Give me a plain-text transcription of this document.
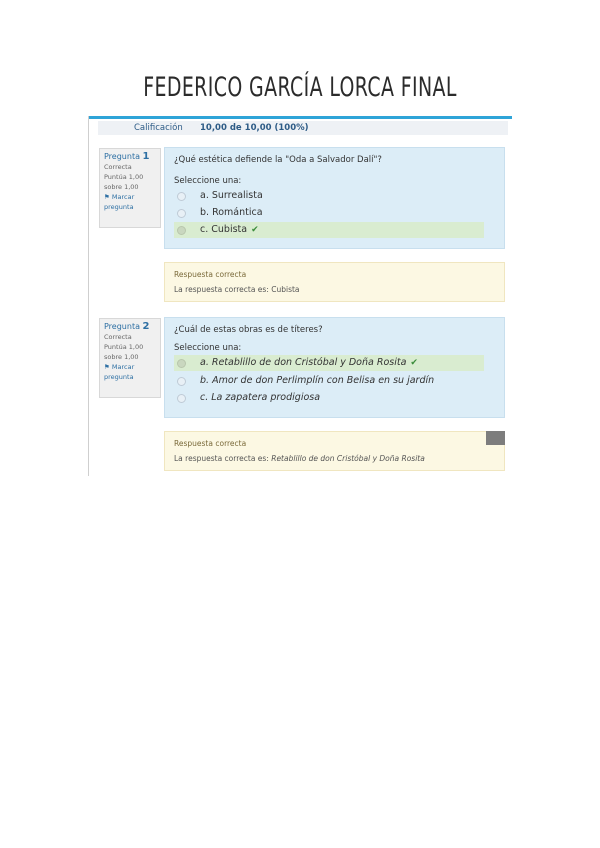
FEDERICO GARCÍA LORCA FINAL
Calificación 10,00 de 10,00 (100%)
Pregunta 1
Correcta
Puntúa 1,00
sobre 1,00
⚑ Marcar
pregunta
¿Qué estética defiende la "Oda a Salvador Dalí"?
Seleccione una:
a. Surrealista
b. Romántica
c. Cubista ✔
Respuesta correcta
La respuesta correcta es: Cubista
Pregunta 2
Correcta
Puntúa 1,00
sobre 1,00
⚑ Marcar
pregunta
¿Cuál de estas obras es de títeres?
Seleccione una:
a. Retablillo de don Cristóbal y Doña Rosita ✔
b. Amor de don Perlimplín con Belisa en su jardín
c. La zapatera prodigiosa
Respuesta correcta
La respuesta correcta es: Retablillo de don Cristóbal y Doña Rosita
